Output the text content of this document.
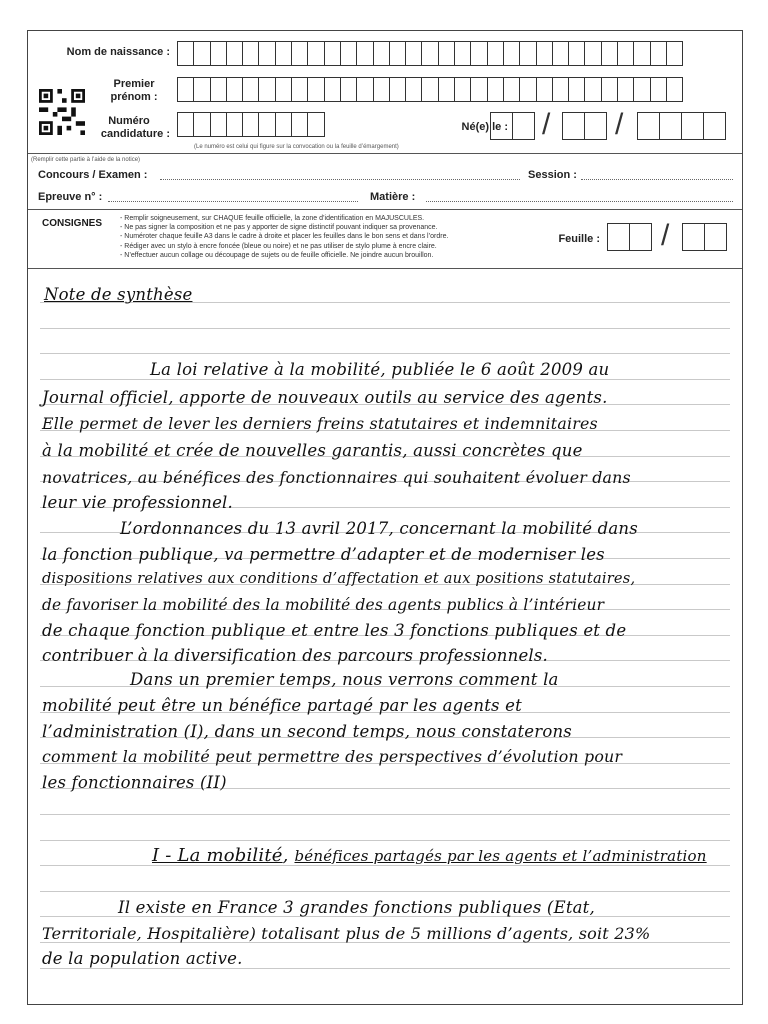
Nom de naissance :
Premier
prénom :
Numéro
candidature :
Né(e) le : / /
(Le numéro est celui qui figure sur la convocation ou la feuille d’émargement)
(Remplir cette partie à l’aide de la notice)
Concours / Examen :	Session :
Epreuve n° :	Matière :
CONSIGNES
-	Remplir soigneusement, sur CHAQUE feuille officielle, la zone d’identification en MAJUSCULES.
- Ne pas signer la composition et ne pas y apporter de signe distinctif pouvant indiquer sa provenance.
- Numéroter chaque feuille A3 dans le cadre à droite et placer les feuilles dans le bon sens et dans l’ordre.
- Rédiger avec un stylo à encre foncée (bleue ou noire) et ne pas utiliser de stylo plume à encre claire.
- N’effectuer aucun collage ou découpage de sujets ou de feuille officielle. Ne joindre aucun brouillon.
Feuille : /
Note de synthèse
La loi relative à la mobilité, publiée le 6 août 2009 au
Journal officiel, apporte de nouveaux outils au service des agents.
Elle permet de lever les derniers freins statutaires et indemnitaires
à la mobilité et crée de nouvelles garantis, aussi concrètes que
novatrices, au bénéfices des fonctionnaires qui souhaitent évoluer dans
leur vie professionnel.
L’ordonnances du 13 avril 2017, concernant la mobilité dans
la fonction publique, va permettre d’adapter et de moderniser les
dispositions relatives aux conditions d’affectation et aux positions statutaires,
de favoriser la mobilité des la mobilité des agents publics à l’intérieur
de chaque fonction publique et entre les 3 fonctions publiques et de
contribuer à la diversification des parcours professionnels.
Dans un premier temps, nous verrons comment la
mobilité peut être un bénéfice partagé par les agents et
l’administration (I), dans un second temps, nous constaterons
comment la mobilité peut permettre des perspectives d’évolution pour
les fonctionnaires (II)
I - La mobilité, bénéfices partagés par les agents et l’administration
Il existe en France 3 grandes fonctions publiques (Etat,
Territoriale, Hospitalière) totalisant plus de 5 millions d’agents, soit 23%
de la population active.
